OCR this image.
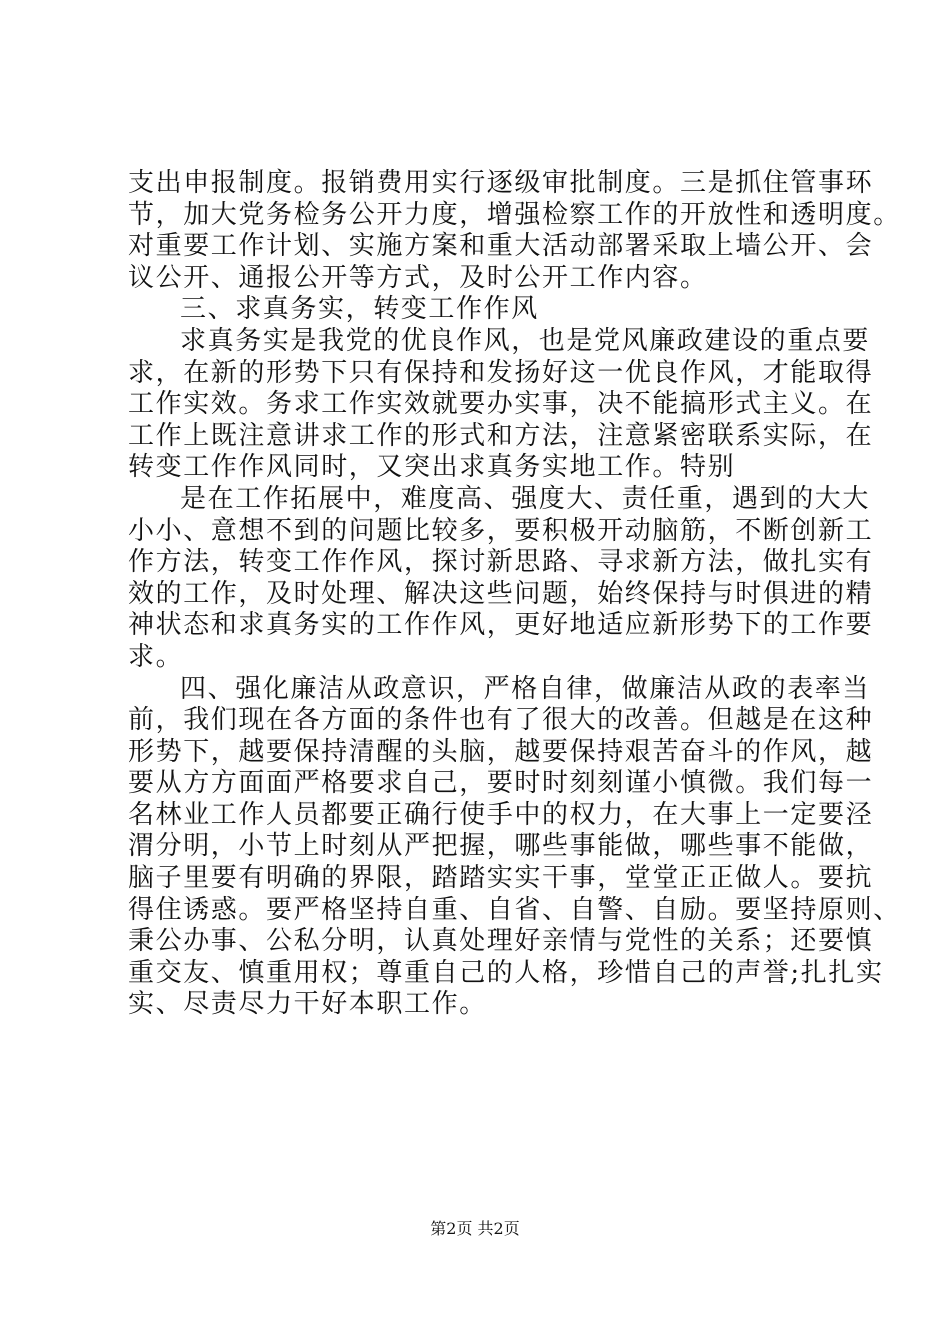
支出申报制度。报销费用实行逐级审批制度。三是抓住管事环
节，加大党务检务公开力度，增强检察工作的开放性和透明度。
对重要工作计划、实施方案和重大活动部署采取上墙公开、会
议公开、通报公开等方式，及时公开工作内容。
三、求真务实，转变工作作风
求真务实是我党的优良作风，也是党风廉政建设的重点要
求，在新的形势下只有保持和发扬好这一优良作风，才能取得
工作实效。务求工作实效就要办实事，决不能搞形式主义。在
工作上既注意讲求工作的形式和方法，注意紧密联系实际，在
转变工作作风同时，又突出求真务实地工作。特别
是在工作拓展中，难度高、强度大、责任重，遇到的大大
小小、意想不到的问题比较多，要积极开动脑筋，不断创新工
作方法，转变工作作风，探讨新思路、寻求新方法，做扎实有
效的工作，及时处理、解决这些问题，始终保持与时俱进的精
神状态和求真务实的工作作风，更好地适应新形势下的工作要
求。
四、强化廉洁从政意识，严格自律，做廉洁从政的表率当
前，我们现在各方面的条件也有了很大的改善。但越是在这种
形势下，越要保持清醒的头脑，越要保持艰苦奋斗的作风，越
要从方方面面严格要求自己，要时时刻刻谨小慎微。我们每一
名林业工作人员都要正确行使手中的权力，在大事上一定要泾
渭分明，小节上时刻从严把握，哪些事能做，哪些事不能做，
脑子里要有明确的界限，踏踏实实干事，堂堂正正做人。要抗
得住诱惑。要严格坚持自重、自省、自警、自励。要坚持原则、
秉公办事、公私分明，认真处理好亲情与党性的关系；还要慎
重交友、慎重用权；尊重自己的人格，珍惜自己的声誉;扎扎实
实、尽责尽力干好本职工作。
第2页 共2页
